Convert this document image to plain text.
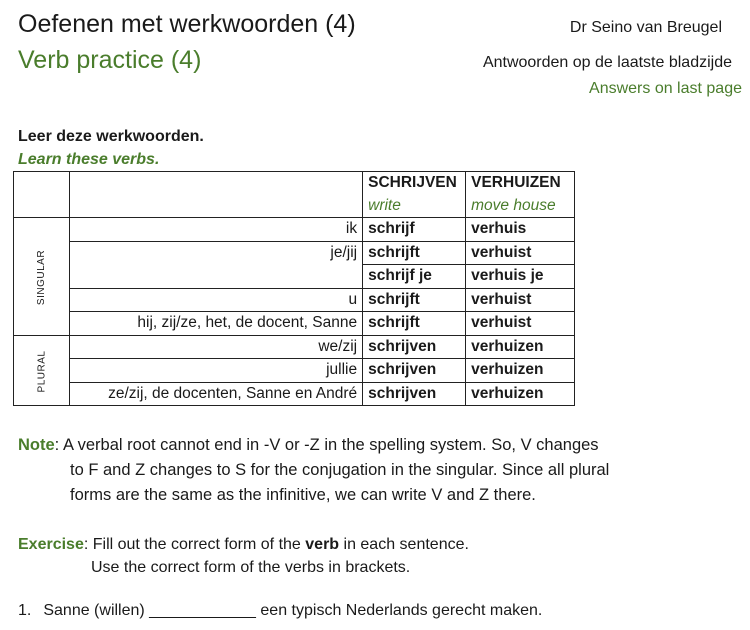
Oefenen met werkwoorden (4)
Verb practice (4)
Dr Seino van Breugel
Antwoorden op de laatste bladzijde
Answers on last page
Leer deze werkwoorden.
Learn these verbs.
		SCHRIJVEN	VERHUIZEN
		write	move house
SINGULAR	ik	schrijf	verhuis
	je/jij	schrijft	verhuist
		schrijf je	verhuis je
	u	schrijft	verhuist
	hij, zij/ze, het, de docent, Sanne	schrijft	verhuist
PLURAL	we/zij	schrijven	verhuizen
	jullie	schrijven	verhuizen
	ze/zij, de docenten, Sanne en André	schrijven	verhuizen
Note: A verbal root cannot end in -V or -Z in the spelling system. So, V changes
to F and Z changes to S for the conjugation in the singular. Since all plural
forms are the same as the infinitive, we can write V and Z there.
Exercise: Fill out the correct form of the verb in each sentence.
Use the correct form of the verbs in brackets.
1. Sanne (willen) ____________ een typisch Nederlands gerecht maken.
